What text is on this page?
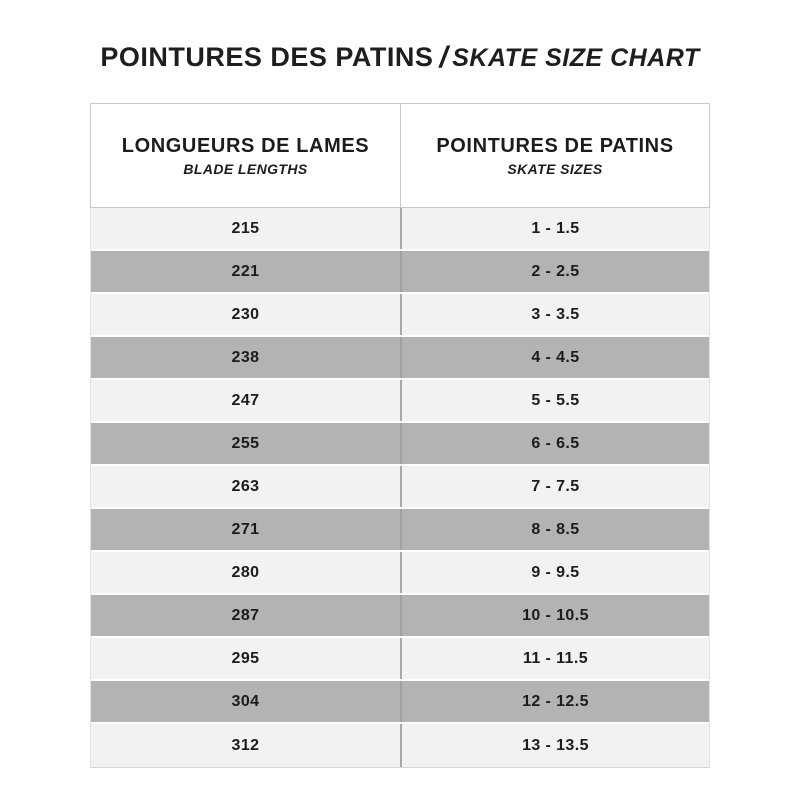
POINTURES DES PATINS / SKATE SIZE CHART
LONGUEURS DE LAMES
BLADE LENGTHS
POINTURES DE PATINS
SKATE SIZES
215	1 - 1.5
221	2 - 2.5
230	3 - 3.5
238	4 - 4.5
247	5 - 5.5
255	6 - 6.5
263	7 - 7.5
271	8 - 8.5
280	9 - 9.5
287	10 - 10.5
295	11 - 11.5
304	12 - 12.5
312	13 - 13.5
